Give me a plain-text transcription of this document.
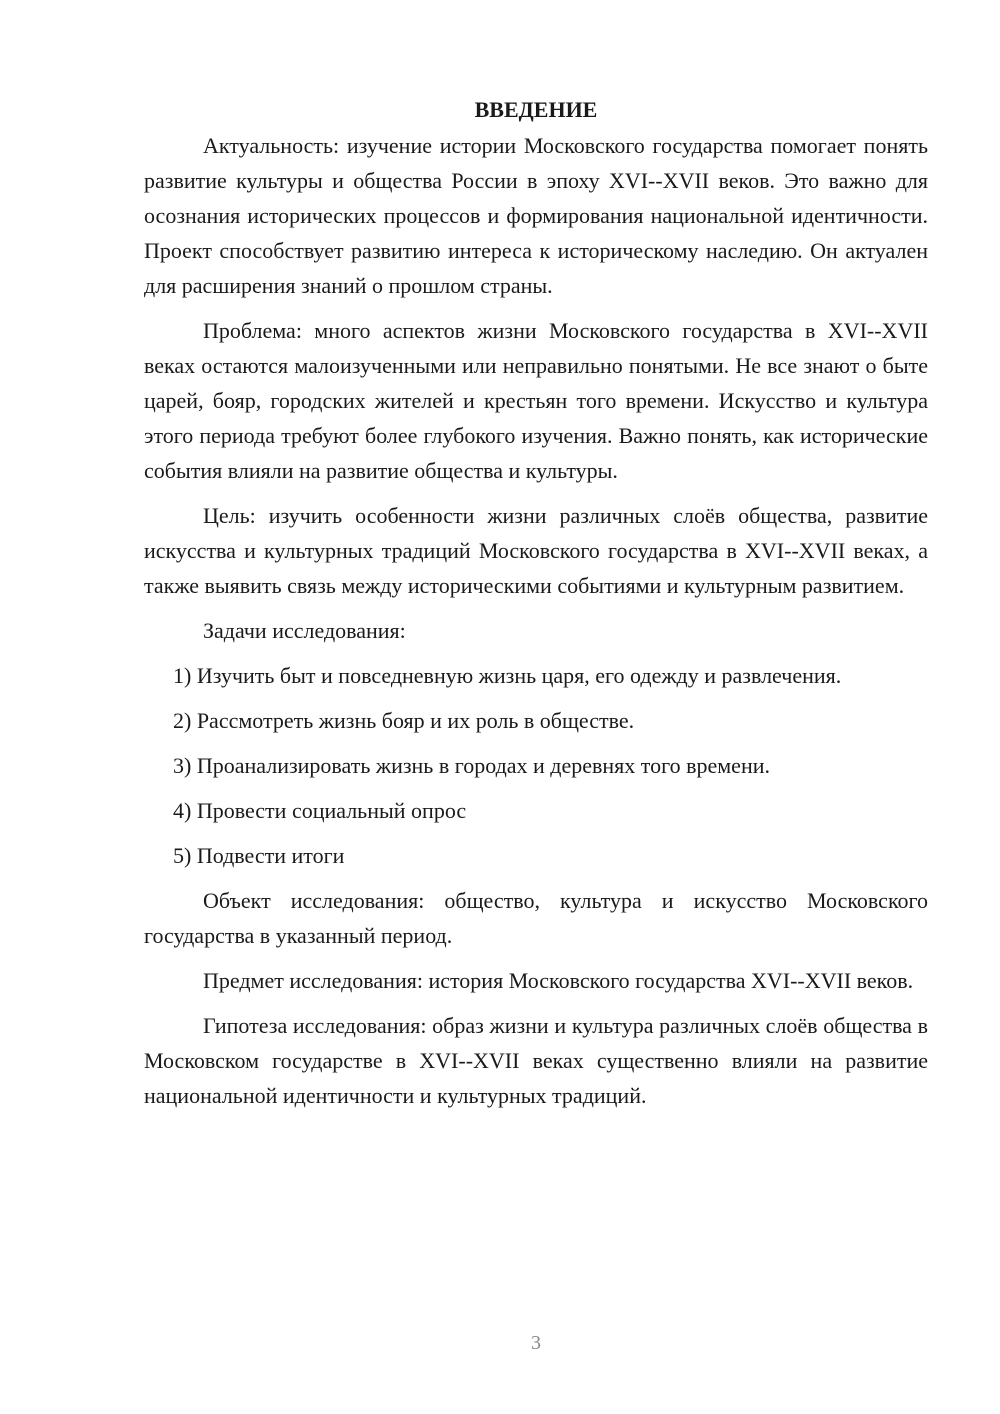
ВВЕДЕНИЕ

Актуальность: изучение истории Московского государства помогает понять развитие культуры и общества России в эпоху XVI--XVII веков. Это важно для осознания исторических процессов и формирования национальной идентичности. Проект способствует развитию интереса к историческому наследию. Он актуален для расширения знаний о прошлом страны.

Проблема: много аспектов жизни Московского государства в XVI--XVII веках остаются малоизученными или неправильно понятыми. Не все знают о быте царей, бояр, городских жителей и крестьян того времени. Искусство и культура этого периода требуют более глубокого изучения. Важно понять, как исторические события влияли на развитие общества и культуры.

Цель: изучить особенности жизни различных слоёв общества, развитие искусства и культурных традиций Московского государства в XVI--XVII веках, а также выявить связь между историческими событиями и культурным развитием.

Задачи исследования:

1) Изучить быт и повседневную жизнь царя, его одежду и развлечения.

2) Рассмотреть жизнь бояр и их роль в обществе.

3) Проанализировать жизнь в городах и деревнях того времени.

4) Провести социальный опрос

5) Подвести итоги

Объект исследования: общество, культура и искусство Московского государства в указанный период.

Предмет исследования: история Московского государства XVI--XVII веков.

Гипотеза исследования: образ жизни и культура различных слоёв общества в Московском государстве в XVI--XVII веках существенно влияли на развитие национальной идентичности и культурных традиций.

3
